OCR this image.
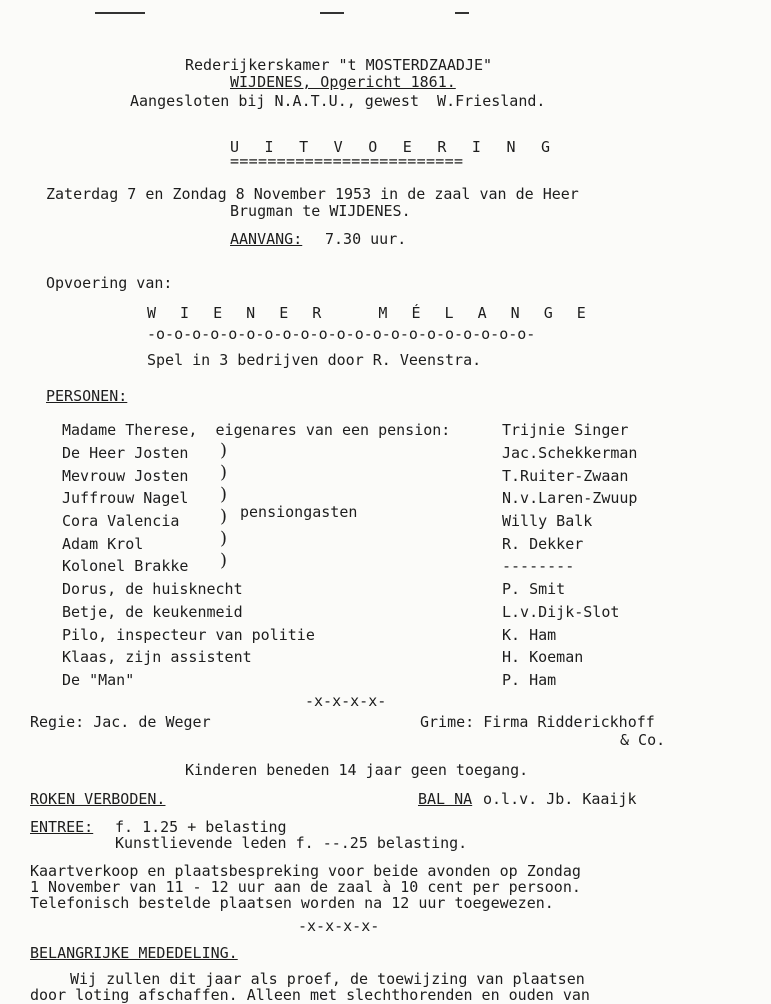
Rederijkerskamer "t MOSTERDZAADJE"
WIJDENES, Opgericht 1861.
Aangesloten bij N.A.T.U., gewest  W.Friesland.
U I T V O E R I N G
=========================
Zaterdag 7 en Zondag 8 November 1953 in de zaal van de Heer
Brugman te WIJDENES.
AANVANG: 7.30 uur.
Opvoering van:
W I E N E R   M É L A N G E
-o-o-o-o-o-o-o-o-o-o-o-o-o-o-o-o-o-o-o-o-o-
Spel in 3 bedrijven door R. Veenstra.
PERSONEN:
Madame Therese,  eigenares van een pension:	Trijnie Singer
De Heer Josten	Jac.Schekkerman
Mevrouw Josten	T.Ruiter-Zwaan
Juffrouw Nagel	N.v.Laren-Zwuup
Cora Valencia	Willy Balk
Adam Krol	R. Dekker
Kolonel Brakke	--------
Dorus, de huisknecht	P. Smit
Betje, de keukenmeid	L.v.Dijk-Slot
Pilo, inspecteur van politie	K. Ham
Klaas, zijn assistent	H. Koeman
De "Man"	P. Ham
)
)
)
)
)
)
pensiongasten
-x-x-x-x-
Regie: Jac. de Weger	Grime: Firma Ridderickhoff
& Co.
Kinderen beneden 14 jaar geen toegang.
ROKEN VERBODEN.	BAL NA o.l.v. Jb. Kaaijk
ENTREE: f. 1.25 + belasting
Kunstlievende leden f. --.25 belasting.
Kaartverkoop en plaatsbespreking voor beide avonden op Zondag
1 November van 11 - 12 uur aan de zaal à 10 cent per persoon.
Telefonisch bestelde plaatsen worden na 12 uur toegewezen.
-x-x-x-x-
BELANGRIJKE MEDEDELING.
Wij zullen dit jaar als proef, de toewijzing van plaatsen
door loting afschaffen. Alleen met slechthorenden en ouden van
